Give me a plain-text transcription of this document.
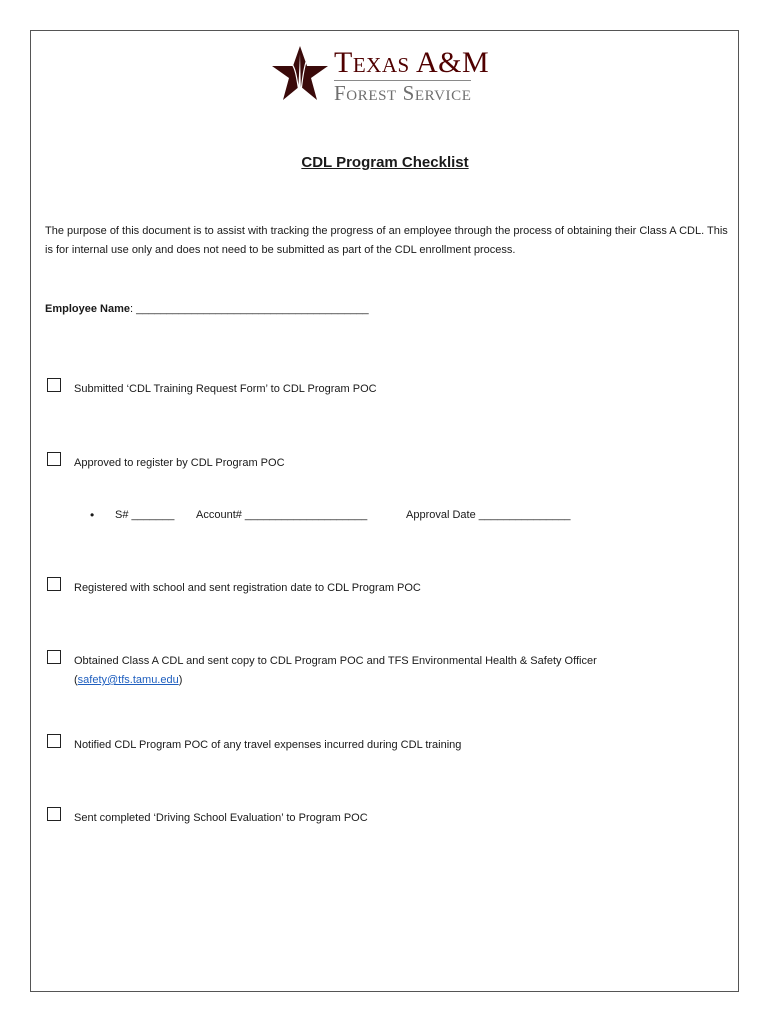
Texas A&M
Forest Service
CDL Program Checklist
The purpose of this document is to assist with tracking the progress of an employee through the process of obtaining their Class A CDL. This is for internal use only and does not need to be submitted as part of the CDL enrollment process.
Employee Name: ______________________________________
Submitted ‘CDL Training Request Form’ to CDL Program POC
Approved to register by CDL Program POC
• S# _______ Account# ____________________	Approval Date _______________
Registered with school and sent registration date to CDL Program POC
Obtained Class A CDL and sent copy to CDL Program POC and TFS Environmental Health & Safety Officer
(safety@tfs.tamu.edu)
Notified CDL Program POC of any travel expenses incurred during CDL training
Sent completed ‘Driving School Evaluation’ to Program POC
